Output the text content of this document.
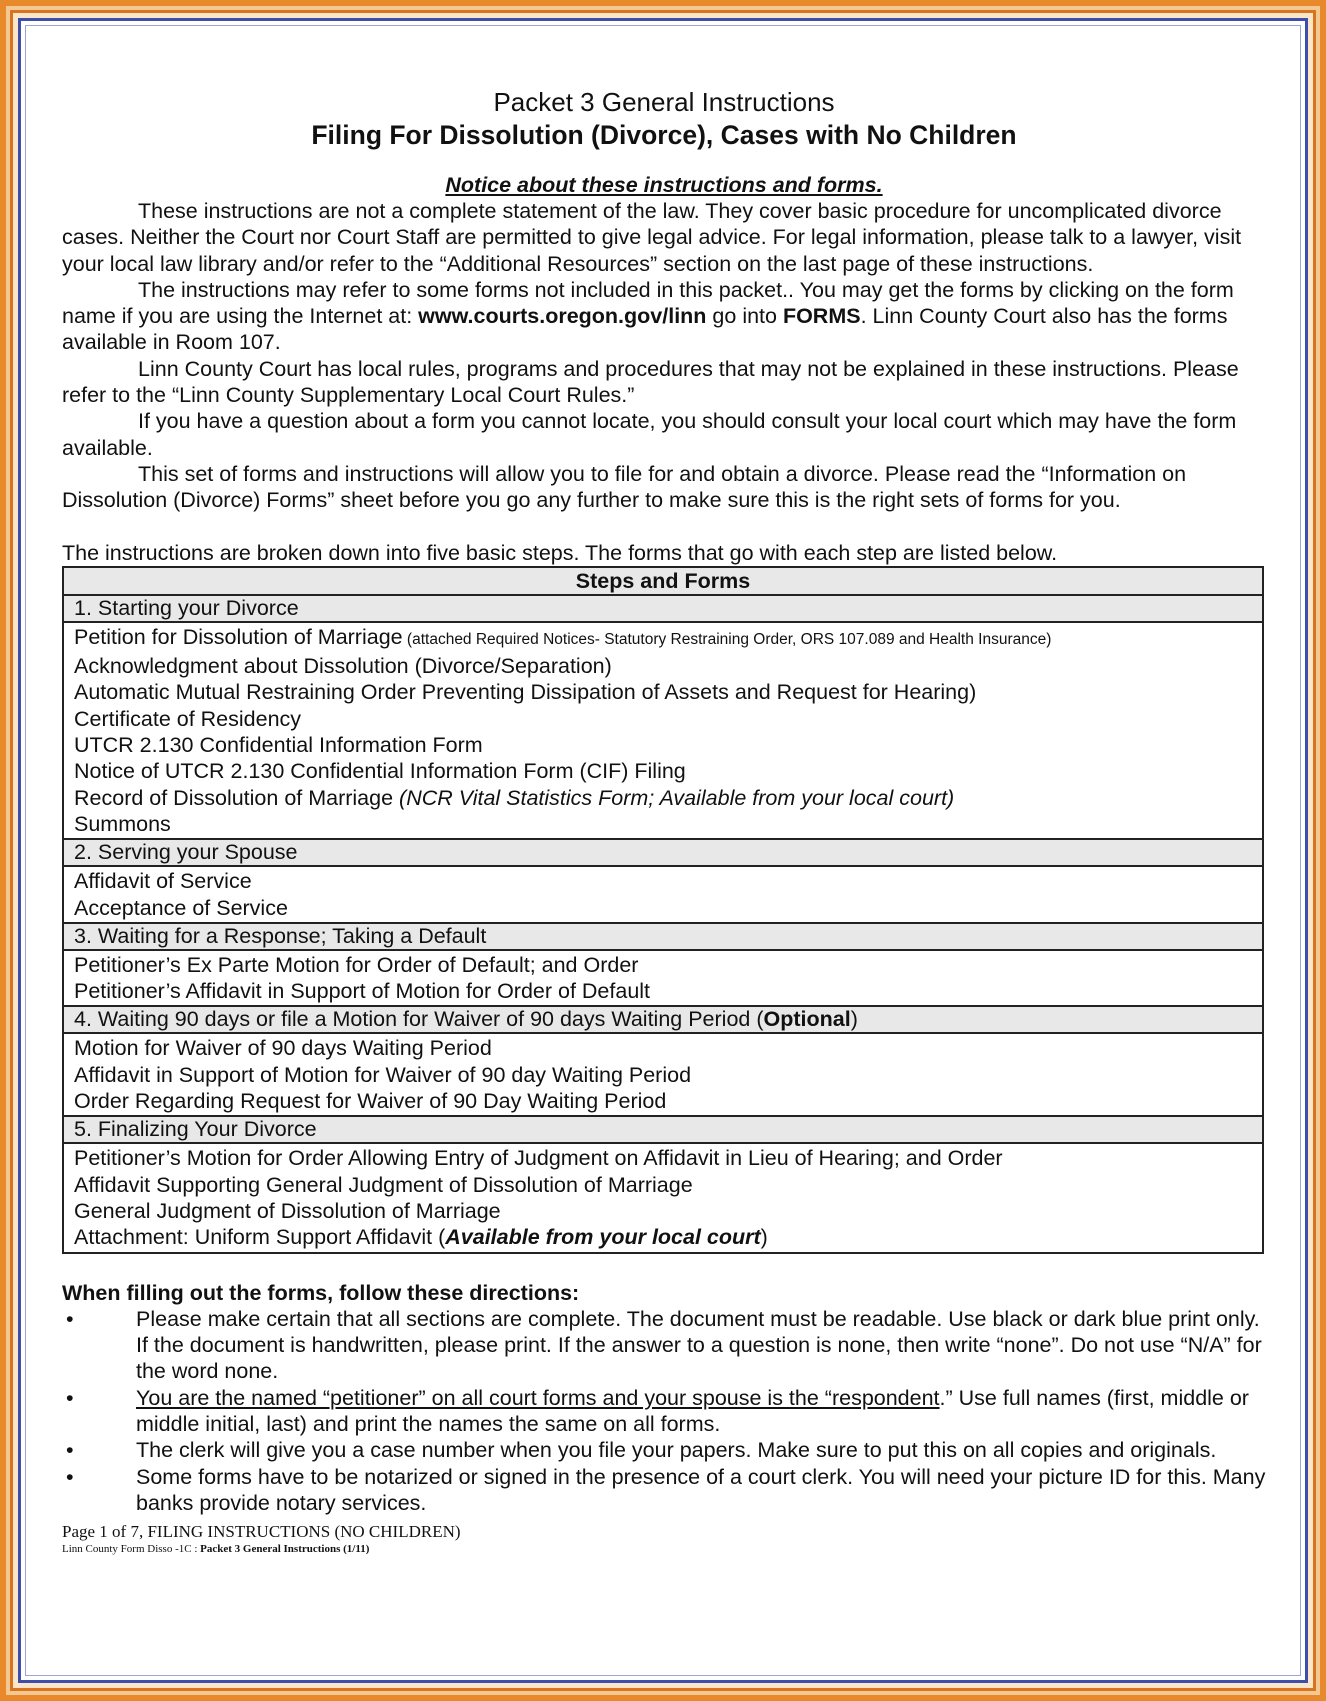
Packet 3 General Instructions
Filing For Dissolution (Divorce), Cases with No Children
Notice about these instructions and forms.

These instructions are not a complete statement of the law. They cover basic procedure for uncomplicated divorce cases. Neither the Court nor Court Staff are permitted to give legal advice. For legal information, please talk to a lawyer, visit your local law library and/or refer to the “Additional Resources” section on the last page of these instructions.

The instructions may refer to some forms not included in this packet.. You may get the forms by clicking on the form name if you are using the Internet at: www.courts.oregon.gov/linn go into FORMS. Linn County Court also has the forms available in Room 107.

Linn County Court has local rules, programs and procedures that may not be explained in these instructions. Please refer to the “Linn County Supplementary Local Court Rules.”

If you have a question about a form you cannot locate, you should consult your local court which may have the form available.

This set of forms and instructions will allow you to file for and obtain a divorce. Please read the “Information on Dissolution (Divorce) Forms” sheet before you go any further to make sure this is the right sets of forms for you.

The instructions are broken down into five basic steps. The forms that go with each step are listed below.

Steps and Forms
1. Starting your Divorce

Petition for Dissolution of Marriage (attached Required Notices- Statutory Restraining Order, ORS 107.089 and Health Insurance)
Acknowledgment about Dissolution (Divorce/Separation)
Automatic Mutual Restraining Order Preventing Dissipation of Assets and Request for Hearing)
Certificate of Residency
UTCR 2.130 Confidential Information Form
Notice of UTCR 2.130 Confidential Information Form (CIF) Filing
Record of Dissolution of Marriage (NCR Vital Statistics Form; Available from your local court)
Summons

2. Serving your Spouse

Affidavit of Service
Acceptance of Service

3. Waiting for a Response; Taking a Default

Petitioner’s Ex Parte Motion for Order of Default; and Order
Petitioner’s Affidavit in Support of Motion for Order of Default

4. Waiting 90 days or file a Motion for Waiver of 90 days Waiting Period (Optional)

Motion for Waiver of 90 days Waiting Period
Affidavit in Support of Motion for Waiver of 90 day Waiting Period
Order Regarding Request for Waiver of 90 Day Waiting Period

5. Finalizing Your Divorce

Petitioner’s Motion for Order Allowing Entry of Judgment on Affidavit in Lieu of Hearing; and Order
Affidavit Supporting General Judgment of Dissolution of Marriage
General Judgment of Dissolution of Marriage
Attachment: Uniform Support Affidavit (Available from your local court)
When filling out the forms, follow these directions:
•	Please make certain that all sections are complete. The document must be readable. Use black or dark blue print only. If the document is handwritten, please print. If the answer to a question is none, then write “none”. Do not use “N/A” for the word none.
•	You are the named “petitioner” on all court forms and your spouse is the “respondent.” Use full names (first, middle or middle initial, last) and print the names the same on all forms.
•	The clerk will give you a case number when you file your papers. Make sure to put this on all copies and originals.
•	Some forms have to be notarized or signed in the presence of a court clerk. You will need your picture ID for this. Many banks provide notary services.
Page 1 of 7, FILING INSTRUCTIONS (NO CHILDREN)
Linn County Form Disso -1C : Packet 3 General Instructions (1/11)
